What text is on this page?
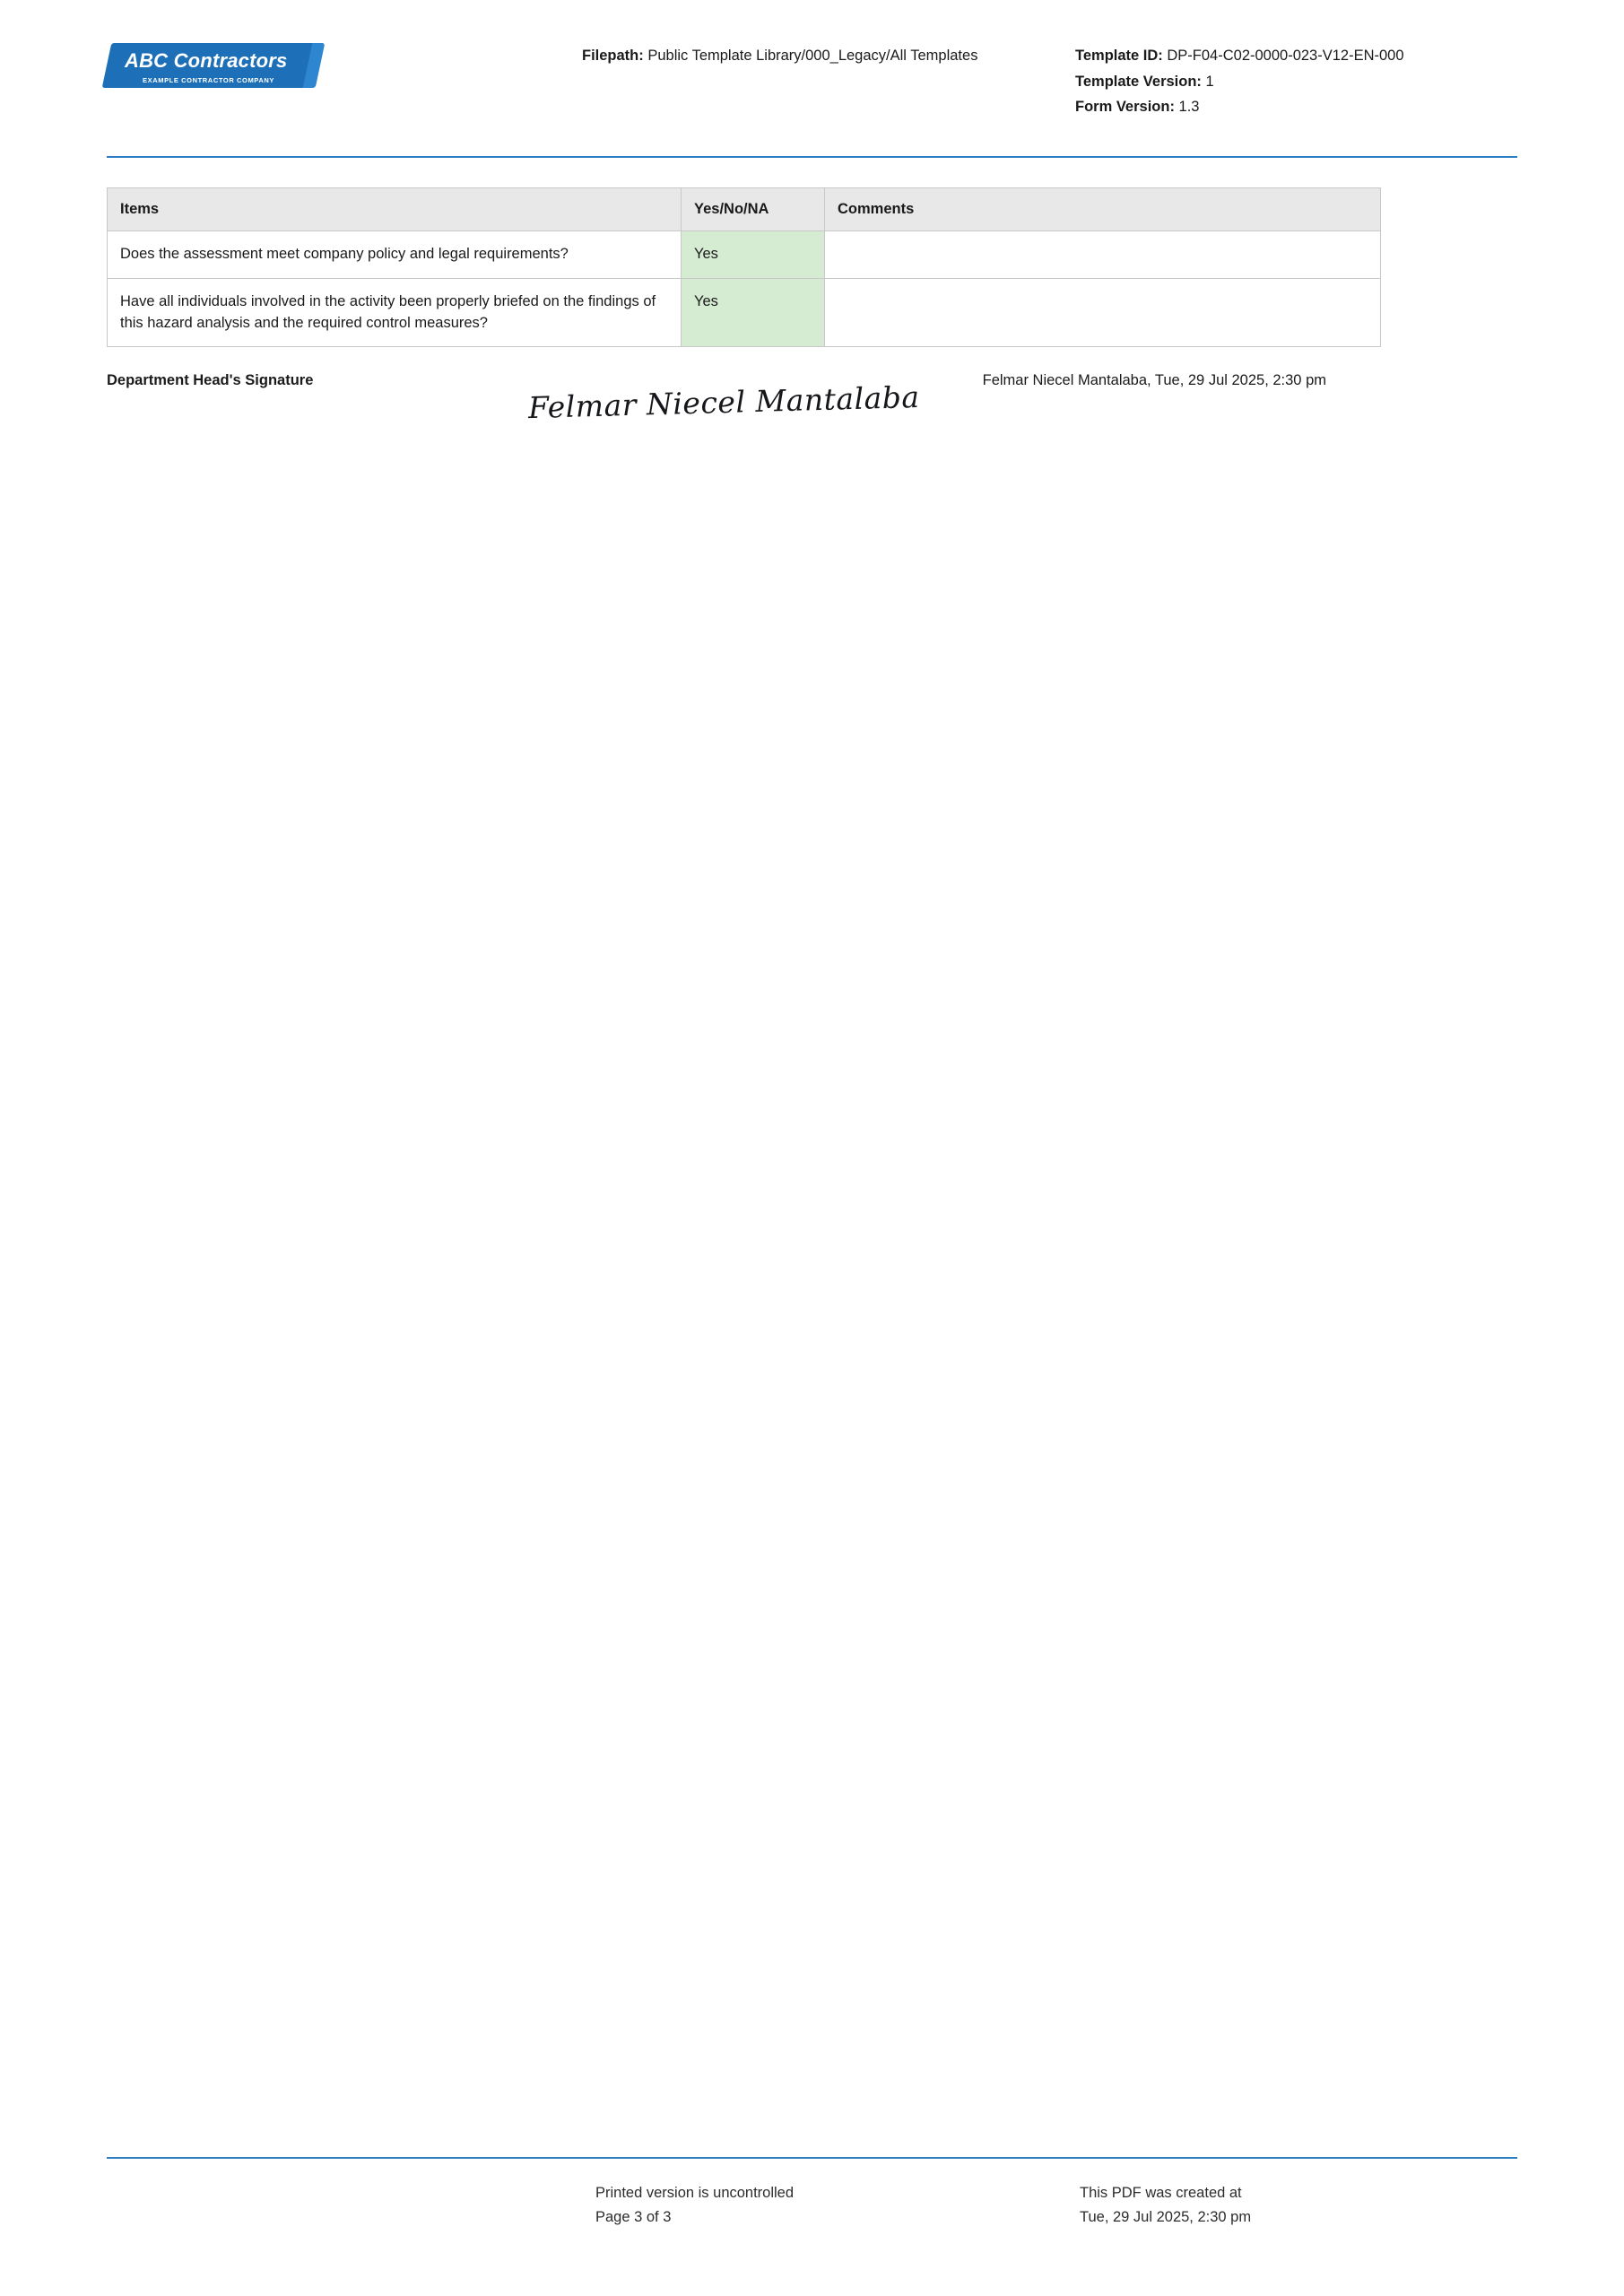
ABC Contractors
EXAMPLE CONTRACTOR COMPANY

Filepath: Public Template Library/000_Legacy/All Templates	Template ID: DP-F04-C02-0000-023-V12-EN-000

Template Version: 1

Form Version: 1.3

Items	Yes/No/NA	Comments
Does the assessment meet company policy and legal requirements?	Yes	
Have all individuals involved in the activity been properly briefed on the findings of this hazard analysis and the required control measures?	Yes	
Department Head's Signature	Felmar Niecel Mantalaba	Felmar Niecel Mantalaba, Tue, 29 Jul 2025, 2:30 pm

Printed version is uncontrolled

Page 3 of 3

This PDF was created at

Tue, 29 Jul 2025, 2:30 pm
